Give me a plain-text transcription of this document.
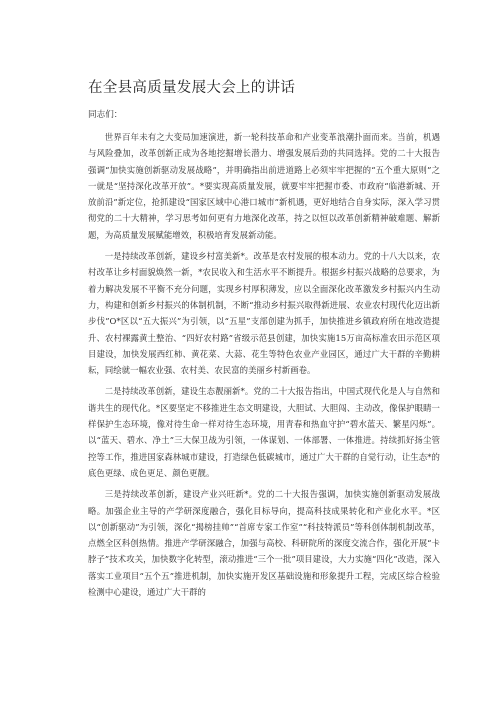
在全县高质量发展大会上的讲话

同志们：

世界百年未有之大变局加速演进，新一轮科技革命和产业变革浪潮扑面而来。当前，机遇与风险叠加，改革创新正成为各地挖掘增长潜力、增强发展后劲的共同选择。党的二十大报告强调“加快实施创新驱动发展战略”，并明确指出前进道路上必须牢牢把握的“五个重大原则”之一就是“坚持深化改革开放”。*要实现高质量发展，就要牢牢把握市委、市政府“临港新城、开放前沿”新定位，抢抓建设“国家区域中心港口城市”新机遇，更好地结合自身实际，深入学习贯彻党的二十大精神，学习思考如何更有力地深化改革，持之以恒以改革创新精神破难题、解新题，为高质量发展赋能增效，积极培育发展新动能。

一是持续改革创新，建设乡村富美新*。改革是农村发展的根本动力。党的十八大以来，农村改革让乡村面貌焕然一新，*农民收入和生活水平不断提升。根据乡村振兴战略的总要求，为着力解决发展不平衡不充分问题，实现乡村厚积薄发，应以全面深化改革激发乡村振兴内生动力，构建和创新乡村振兴的体制机制，不断“推动乡村振兴取得新进展、农业农村现代化迈出新步伐”O*区以“五大振兴”为引领，以“五星”支部创建为抓手，加快推进乡镇政府所在地改造提升、农村裸露黄土整治、“四好农村路”省级示范县创建，加快实施15万亩高标准农田示范区项目建设，加快发展西红柿、黄花菜、大蒜、花生等特色农业产业园区，通过广大干群的辛勤耕耘，同绘就一幅农业强、农村美、农民富的美丽乡村新画卷。

二是持续改革创新，建设生态靓丽新*。党的二十大报告指出，中国式现代化是人与自然和谐共生的现代化。*区要坚定不移推进生态文明建设，大胆试、大胆闯、主动改，像保护眼睛一样保护生态环境，像对待生命一样对待生态环境，用青春和热血守护“碧水蓝天、繁星闪烁”。以“蓝天、碧水、净土”三大保卫战为引领，一体谋划、一体部署、一体推进。持续抓好扬尘管控等工作，推进国家森林城市建设，打造绿色低碳城市，通过广大干群的自觉行动，让生态*的底色更绿、成色更足、颜色更靓。

三是持续改革创新，建设产业兴旺新*。党的二十大报告强调，加快实施创新驱动发展战略。加强企业主导的产学研深度融合，强化目标导向，提高科技成果转化和产业化水平。*区以“创新驱动”为引领，深化“揭榜挂帅”“首席专家工作室”“科技特派员”等科创体制机制改革，点燃全区科创热情。推进产学研深融合，加强与高校、科研院所的深度交流合作，强化开展“卡脖子”技术攻关，加快数字化转型，滚动推进“三个一批”项目建设，大力实施“四化”改造，深入落实工业项目“五个五”推进机制，加快实施开发区基础设施和形象提升工程，完成区综合检验检测中心建设，通过广大干群的
